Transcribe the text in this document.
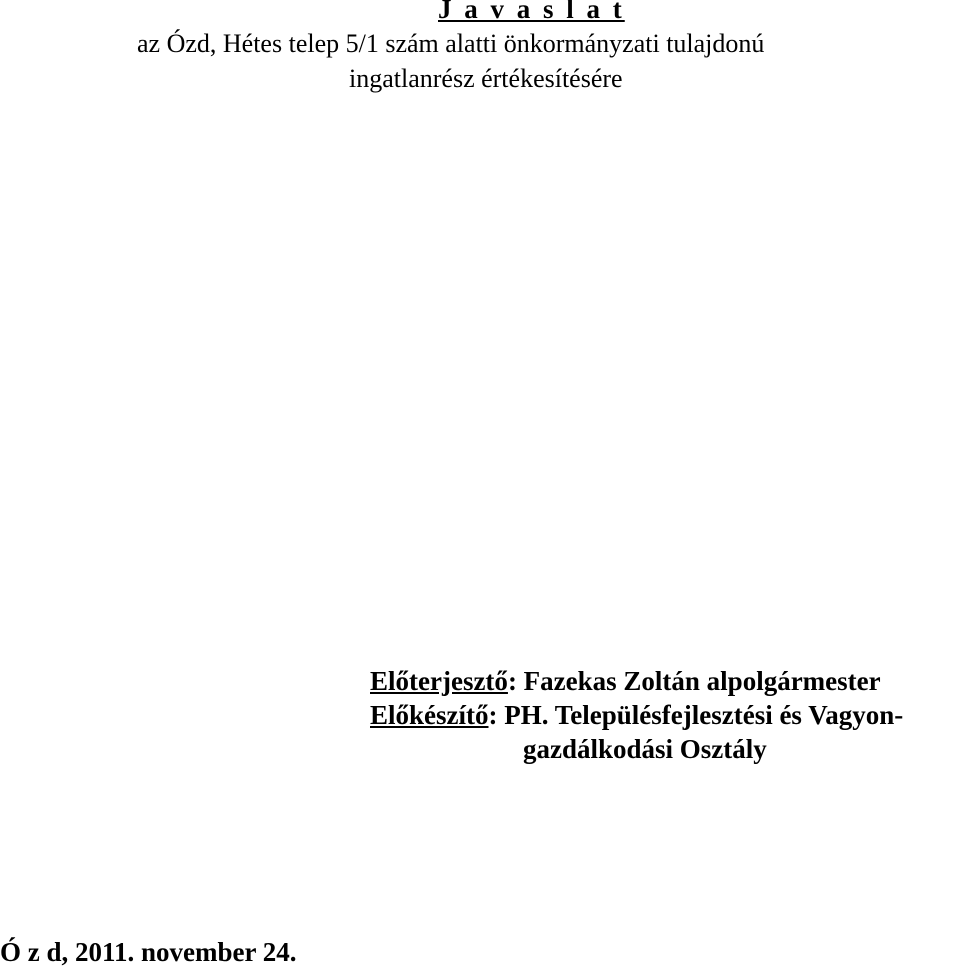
J a v a s l a t
az Ózd, Hétes telep 5/1 szám alatti önkormányzati tulajdonú
ingatlanrész értékesítésére
Előterjesztő: Fazekas Zoltán alpolgármester
Előkészítő: PH. Településfejlesztési és Vagyon-
gazdálkodási Osztály
Ó z d, 2011. november 24.
